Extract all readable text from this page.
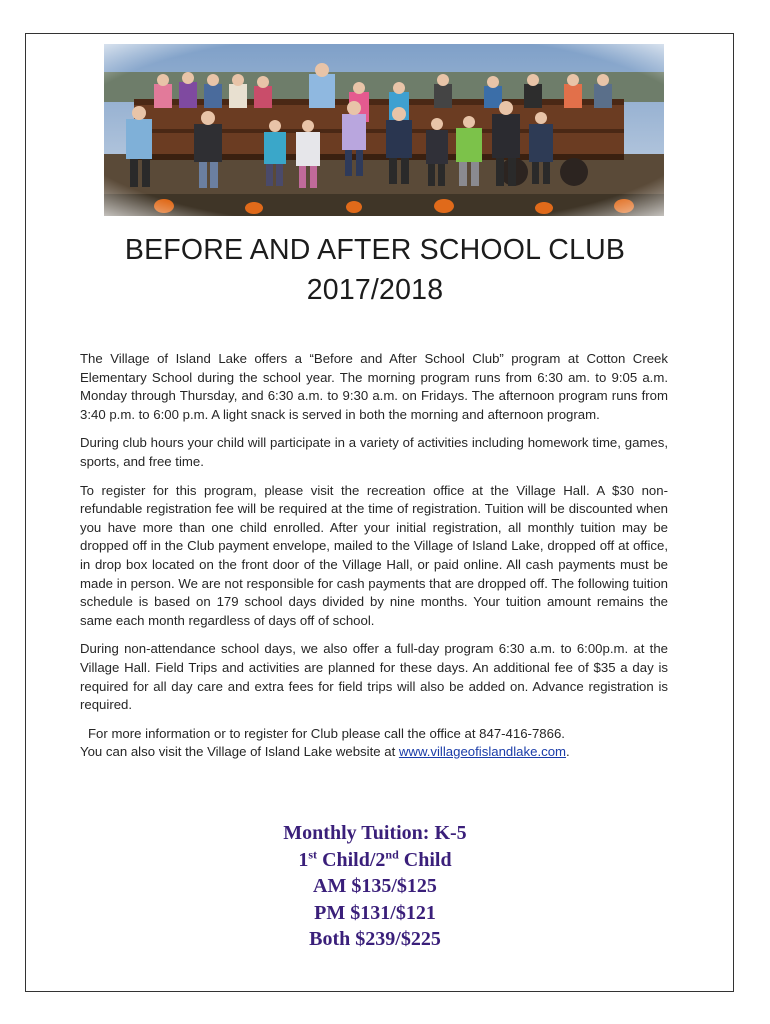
BEFORE AND AFTER SCHOOL CLUB
2017/2018

The Village of Island Lake offers a “Before and After School Club” program at Cotton Creek Elementary School during the school year. The morning program runs from 6:30 am. to 9:05 a.m. Monday through Thursday, and 6:30 a.m. to 9:30 a.m. on Fridays. The afternoon program runs from 3:40 p.m. to 6:00 p.m. A light snack is served in both the morning and afternoon program.

During club hours your child will participate in a variety of activities including homework time, games, sports, and free time.

To register for this program, please visit the recreation office at the Village Hall. A $30 non-refundable registration fee will be required at the time of registration. Tuition will be discounted when you have more than one child enrolled. After your initial registration, all monthly tuition may be dropped off in the Club payment envelope, mailed to the Village of Island Lake, dropped off at office, in drop box located on the front door of the Village Hall, or paid online. All cash payments must be made in person. We are not responsible for cash payments that are dropped off. The following tuition schedule is based on 179 school days divided by nine months. Your tuition amount remains the same each month regardless of days off of school.

During non-attendance school days, we also offer a full-day program 6:30 a.m. to 6:00p.m. at the Village Hall. Field Trips and activities are planned for these days. An additional fee of $35 a day is required for all day care and extra fees for field trips will also be added on. Advance registration is required.

For more information or to register for Club please call the office at 847-416-7866.
You can also visit the Village of Island Lake website at www.villageofislandlake.com.
Monthly Tuition: K-5
1st Child/2nd Child
AM $135/$125
PM $131/$121
Both $239/$225
